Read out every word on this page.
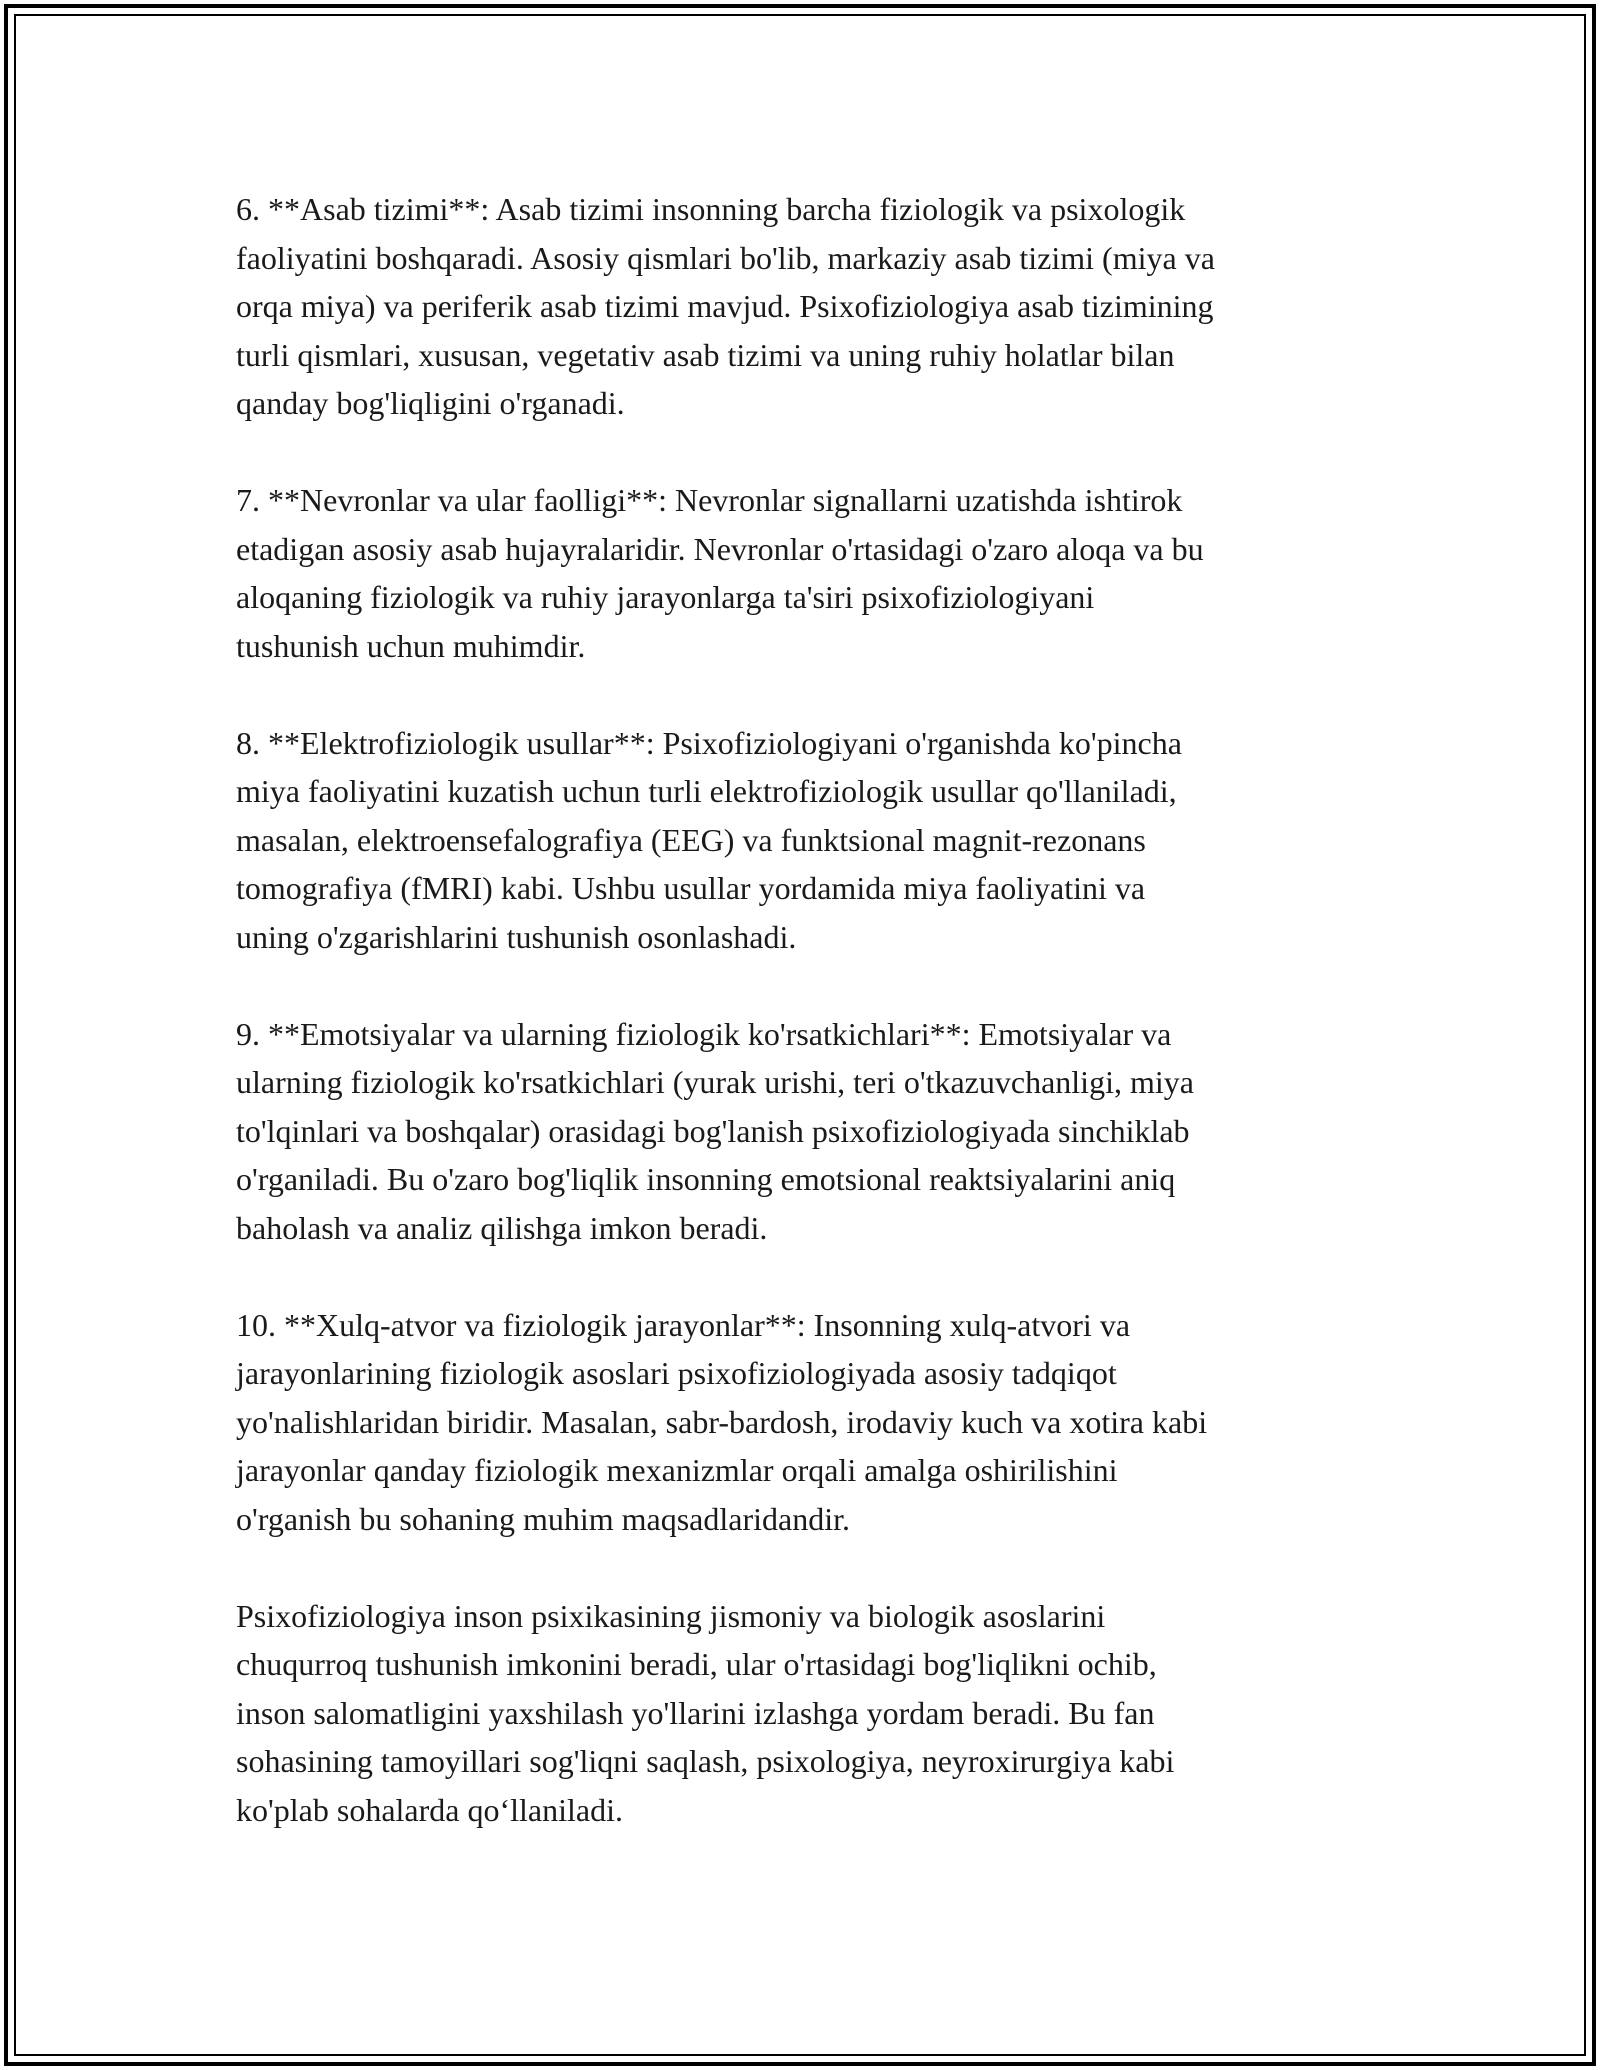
6. **Asab tizimi**: Asab tizimi insonning barcha fiziologik va psixologik
faoliyatini boshqaradi. Asosiy qismlari bo'lib, markaziy asab tizimi (miya va
orqa miya) va periferik asab tizimi mavjud. Psixofiziologiya asab tizimining
turli qismlari, xususan, vegetativ asab tizimi va uning ruhiy holatlar bilan
qanday bog'liqligini o'rganadi.

7. **Nevronlar va ular faolligi**: Nevronlar signallarni uzatishda ishtirok
etadigan asosiy asab hujayralaridir. Nevronlar o'rtasidagi o'zaro aloqa va bu
aloqaning fiziologik va ruhiy jarayonlarga ta'siri psixofiziologiyani
tushunish uchun muhimdir.

8. **Elektrofiziologik usullar**: Psixofiziologiyani o'rganishda ko'pincha
miya faoliyatini kuzatish uchun turli elektrofiziologik usullar qo'llaniladi,
masalan, elektroensefalografiya (EEG) va funktsional magnit-rezonans
tomografiya (fMRI) kabi. Ushbu usullar yordamida miya faoliyatini va
uning o'zgarishlarini tushunish osonlashadi.

9. **Emotsiyalar va ularning fiziologik ko'rsatkichlari**: Emotsiyalar va
ularning fiziologik ko'rsatkichlari (yurak urishi, teri o'tkazuvchanligi, miya
to'lqinlari va boshqalar) orasidagi bog'lanish psixofiziologiyada sinchiklab
o'rganiladi. Bu o'zaro bog'liqlik insonning emotsional reaktsiyalarini aniq
baholash va analiz qilishga imkon beradi.

10. **Xulq-atvor va fiziologik jarayonlar**: Insonning xulq-atvori va
jarayonlarining fiziologik asoslari psixofiziologiyada asosiy tadqiqot
yo'nalishlaridan biridir. Masalan, sabr-bardosh, irodaviy kuch va xotira kabi
jarayonlar qanday fiziologik mexanizmlar orqali amalga oshirilishini
o'rganish bu sohaning muhim maqsadlaridandir.

Psixofiziologiya inson psixikasining jismoniy va biologik asoslarini
chuqurroq tushunish imkonini beradi, ular o'rtasidagi bog'liqlikni ochib,
inson salomatligini yaxshilash yo'llarini izlashga yordam beradi. Bu fan
sohasining tamoyillari sog'liqni saqlash, psixologiya, neyroxirurgiya kabi
ko'plab sohalarda qo‘llaniladi.
